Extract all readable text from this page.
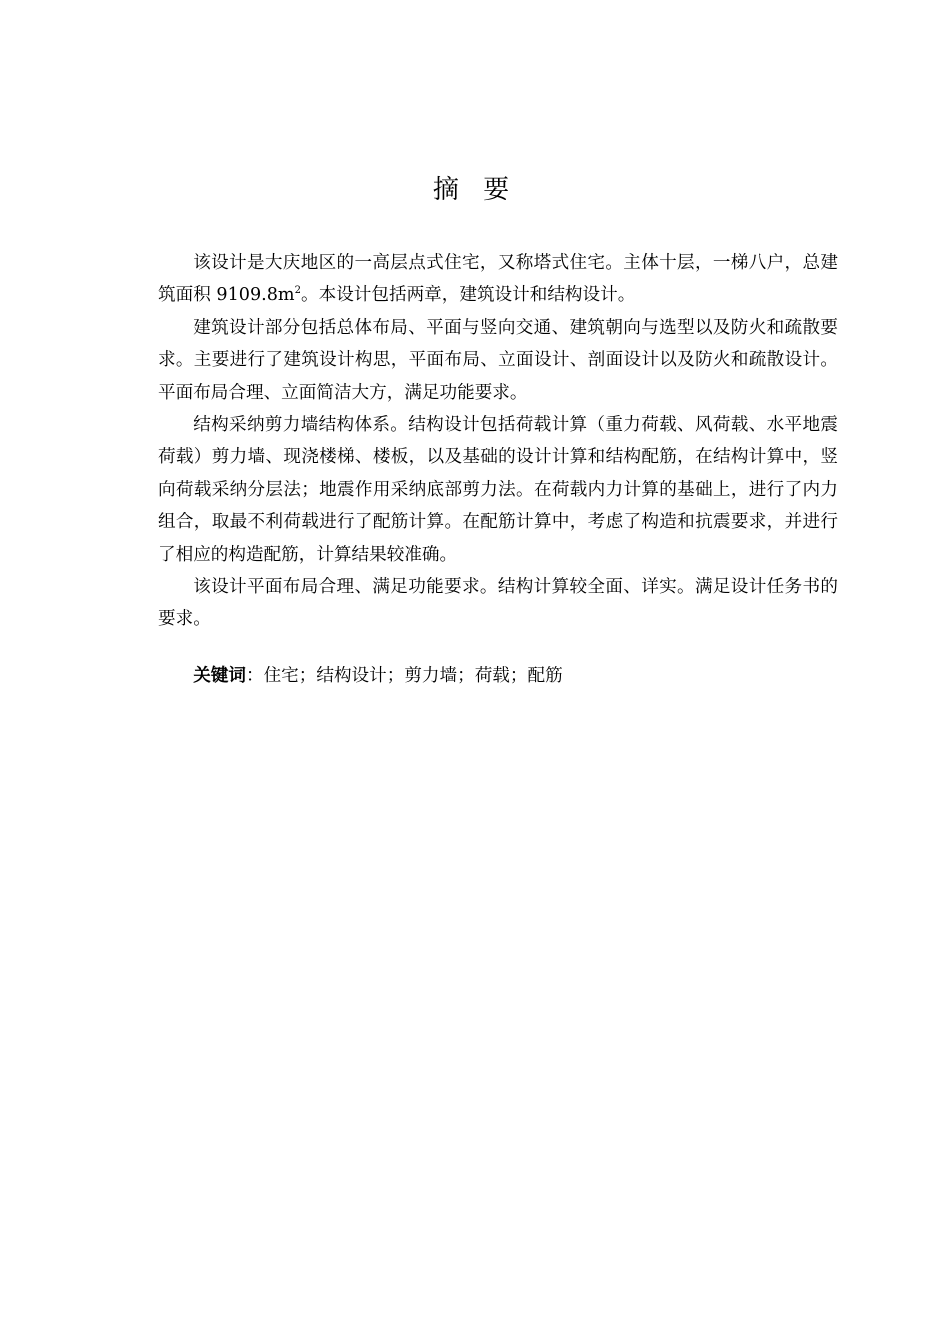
摘 要

该设计是大庆地区的一高层点式住宅，又称塔式住宅。主体十层，一梯八户，总建筑面积 $9109.8m^2$。本设计包括两章，建筑设计和结构设计。

建筑设计部分包括总体布局、平面与竖向交通、建筑朝向与选型以及防火和疏散要求。主要进行了建筑设计构思，平面布局、立面设计、剖面设计以及防火和疏散设计。平面布局合理、立面简洁大方，满足功能要求。

结构采纳剪力墙结构体系。结构设计包括荷载计算（重力荷载、风荷载、水平地震荷载）剪力墙、现浇楼梯、楼板，以及基础的设计计算和结构配筋，在结构计算中，竖向荷载采纳分层法；地震作用采纳底部剪力法。在荷载内力计算的基础上，进行了内力组合，取最不利荷载进行了配筋计算。在配筋计算中，考虑了构造和抗震要求，并进行了相应的构造配筋，计算结果较准确。

该设计平面布局合理、满足功能要求。结构计算较全面、详实。满足设计任务书的要求。

关键词：住宅；结构设计；剪力墙；荷载；配筋
